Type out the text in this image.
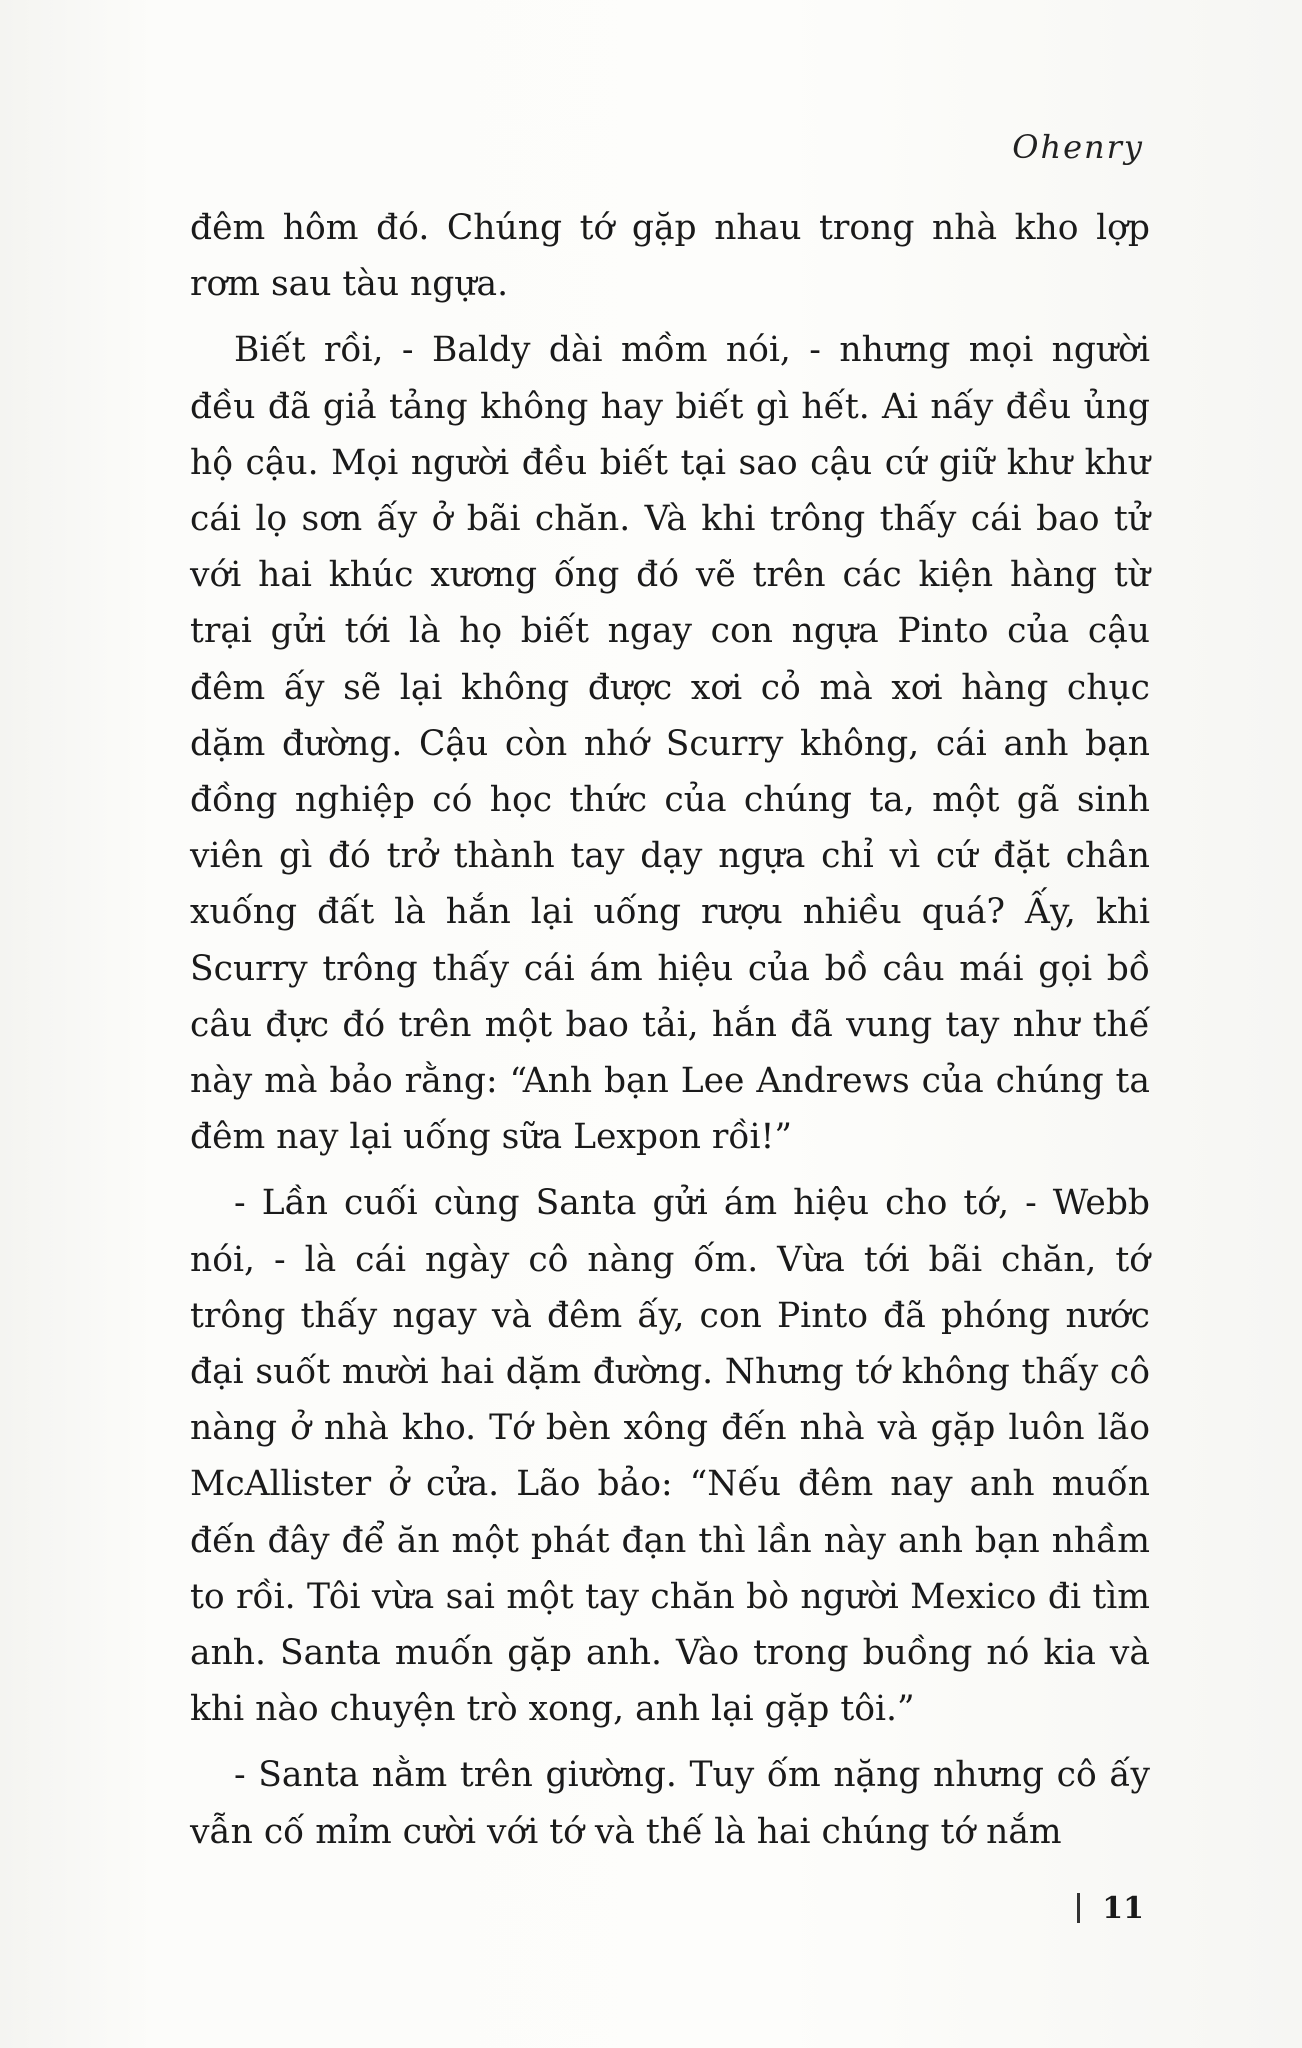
Ohenry

đêm hôm đó. Chúng tớ gặp nhau trong nhà kho lợp rơm sau tàu ngựa.

Biết rồi, - Baldy dài mồm nói, - nhưng mọi người đều đã giả tảng không hay biết gì hết. Ai nấy đều ủng hộ cậu. Mọi người đều biết tại sao cậu cứ giữ khư khư cái lọ sơn ấy ở bãi chăn. Và khi trông thấy cái bao tử với hai khúc xương ống đó vẽ trên các kiện hàng từ trại gửi tới là họ biết ngay con ngựa Pinto của cậu đêm ấy sẽ lại không được xơi cỏ mà xơi hàng chục dặm đường. Cậu còn nhớ Scurry không, cái anh bạn đồng nghiệp có học thức của chúng ta, một gã sinh viên gì đó trở thành tay dạy ngựa chỉ vì cứ đặt chân xuống đất là hắn lại uống rượu nhiều quá? Ấy, khi Scurry trông thấy cái ám hiệu của bồ câu mái gọi bồ câu đực đó trên một bao tải, hắn đã vung tay như thế này mà bảo rằng: “Anh bạn Lee Andrews của chúng ta đêm nay lại uống sữa Lexpon rồi!”

- Lần cuối cùng Santa gửi ám hiệu cho tớ, - Webb nói, - là cái ngày cô nàng ốm. Vừa tới bãi chăn, tớ trông thấy ngay và đêm ấy, con Pinto đã phóng nước đại suốt mười hai dặm đường. Nhưng tớ không thấy cô nàng ở nhà kho. Tớ bèn xông đến nhà và gặp luôn lão McAllister ở cửa. Lão bảo: “Nếu đêm nay anh muốn đến đây để ăn một phát đạn thì lần này anh bạn nhầm to rồi. Tôi vừa sai một tay chăn bò người Mexico đi tìm anh. Santa muốn gặp anh. Vào trong buồng nó kia và khi nào chuyện trò xong, anh lại gặp tôi.”

- Santa nằm trên giường. Tuy ốm nặng nhưng cô ấy vẫn cố mỉm cười với tớ và thế là hai chúng tớ nắm

11
